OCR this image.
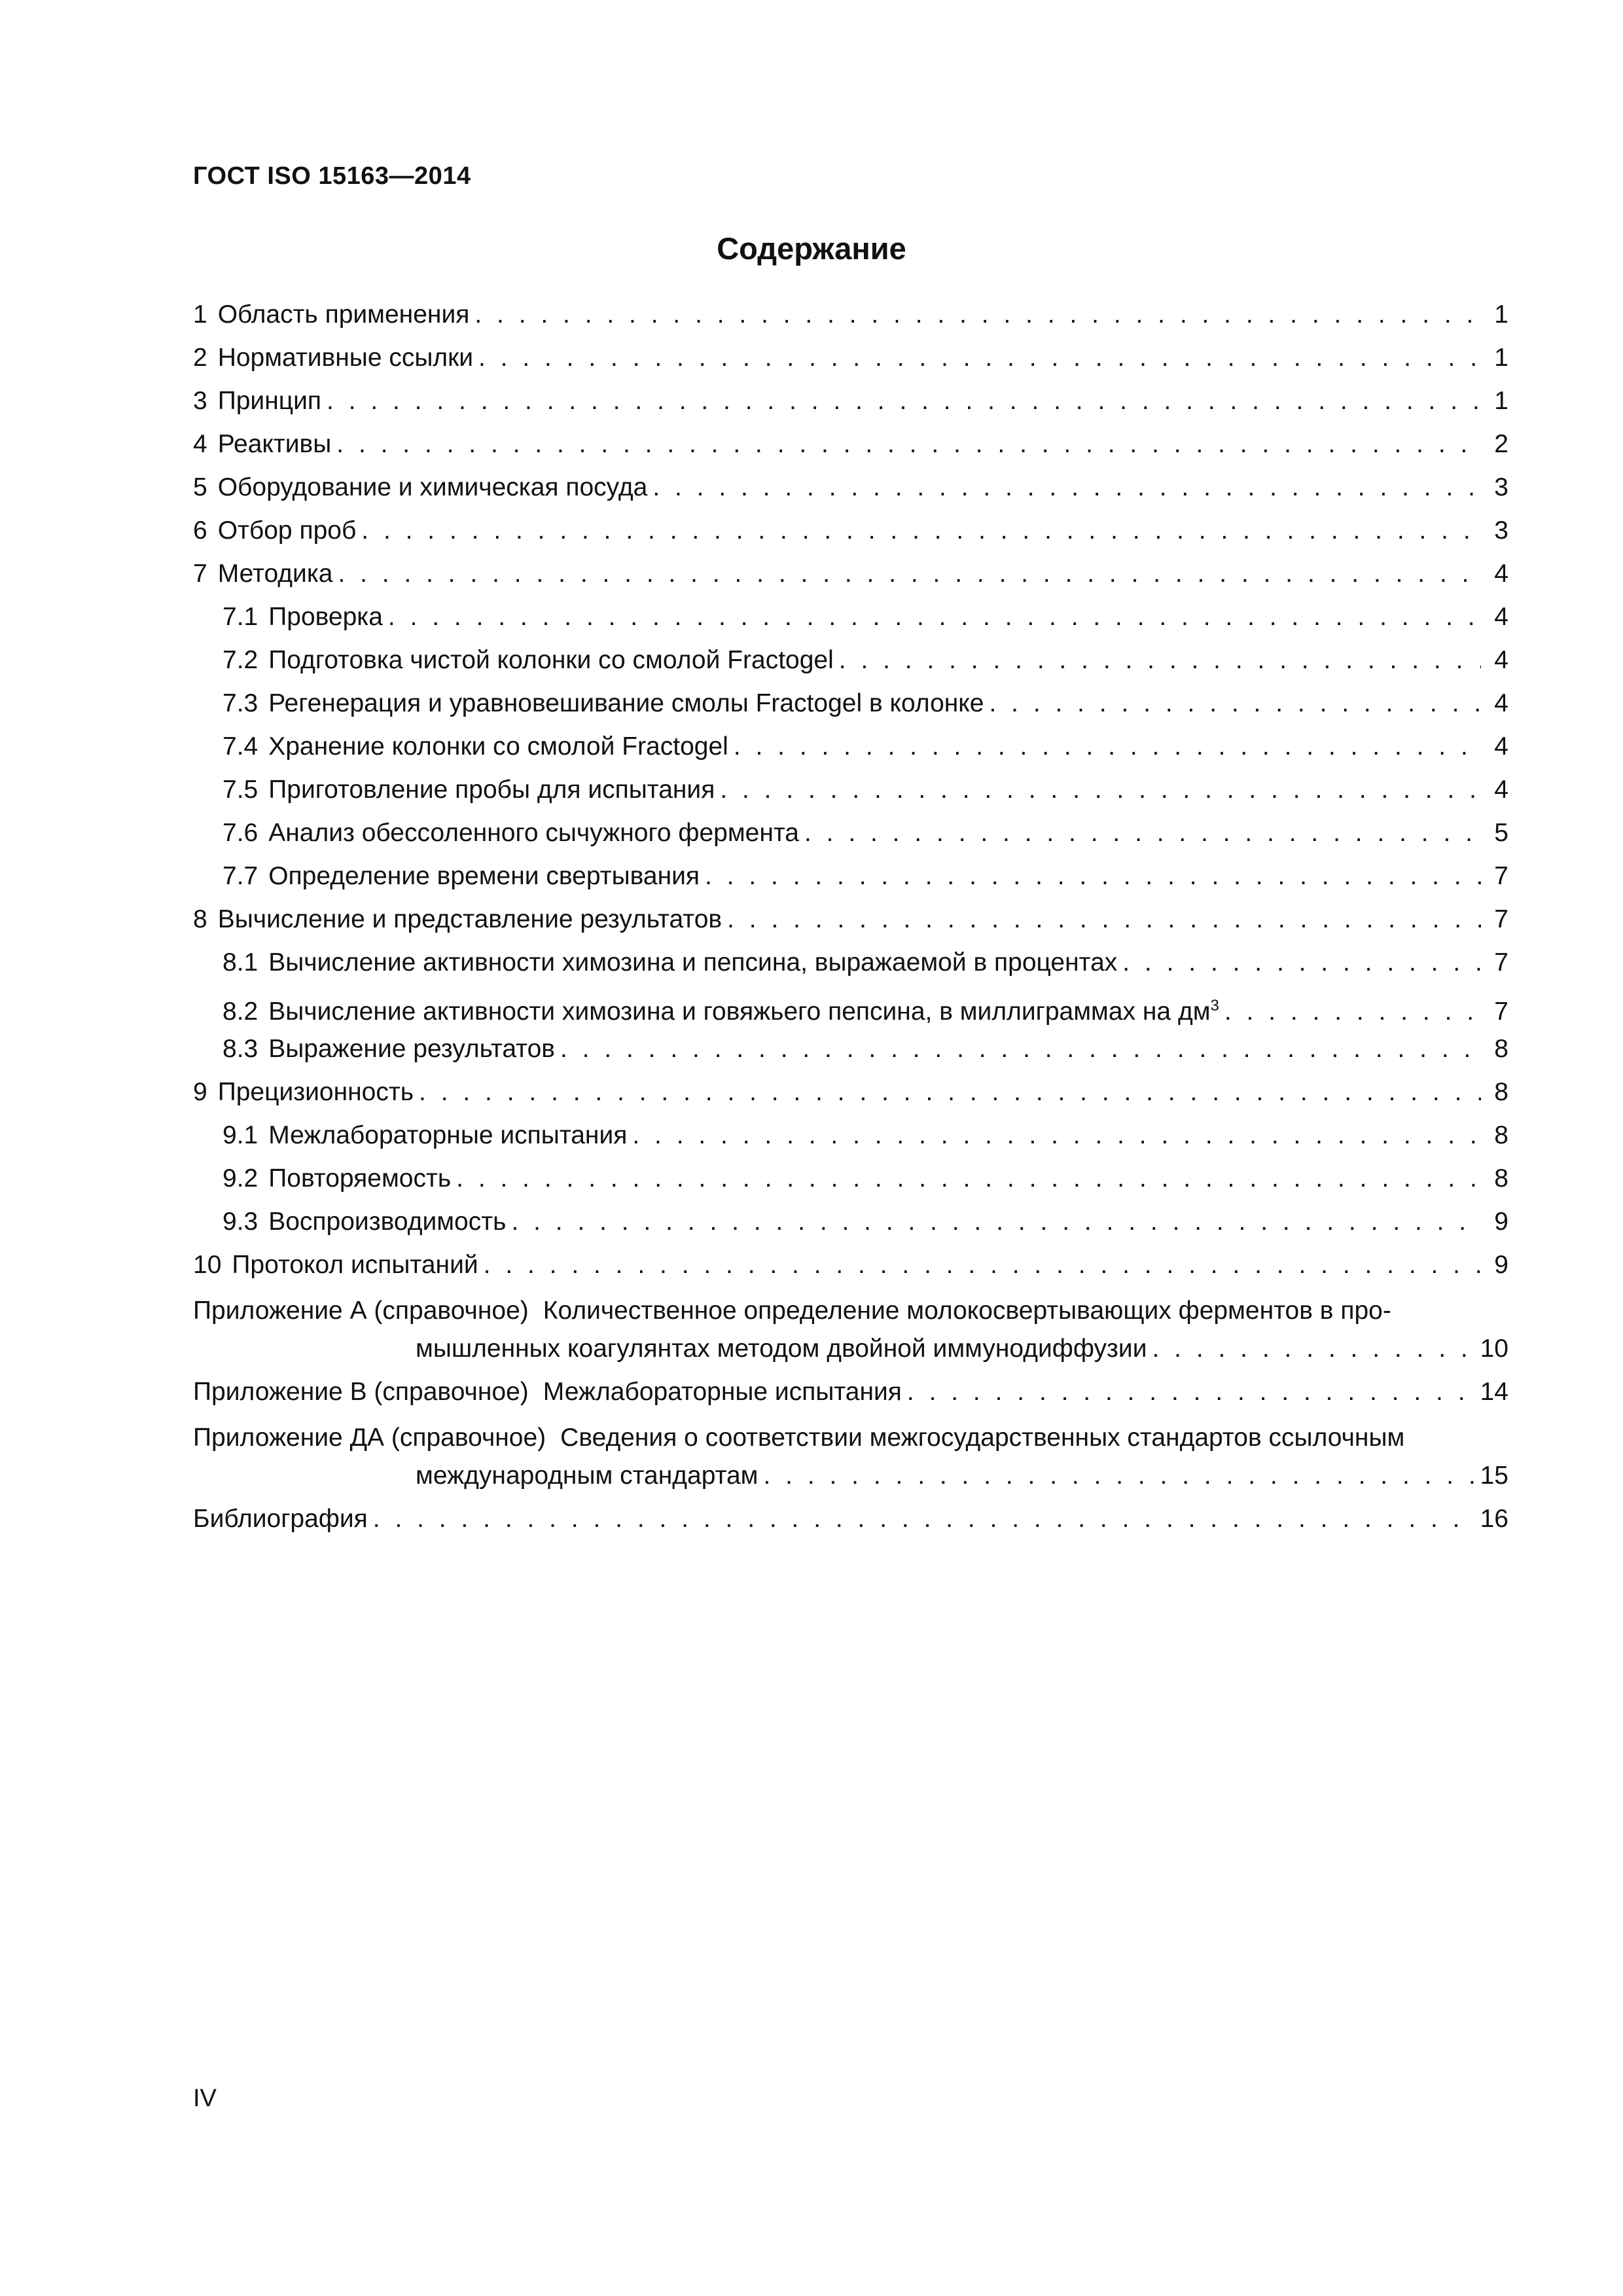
ГОСТ ISO 15163—2014
Содержание
1 Область применения . . .	1
2 Нормативные ссылки . . .	1
3 Принцип . . .	1
4 Реактивы . . .	2
5 Оборудование и химическая посуда . . .	3
6 Отбор проб . . .	3
7 Методика . . .	4
7.1 Проверка . . .	4
7.2 Подготовка чистой колонки со смолой Fractogel . . .	4
7.3 Регенерация и уравновешивание смолы Fractogel в колонке . . .	4
7.4 Хранение колонки со смолой Fractogel . . .	4
7.5 Приготовление пробы для испытания . . .	4
7.6 Анализ обессоленного сычужного фермента . . .	5
7.7 Определение времени свертывания . . .	7
8 Вычисление и представление результатов . . .	7
8.1 Вычисление активности химозина и пепсина, выражаемой в процентах . . .	7
8.2 Вычисление активности химозина и говяжьего пепсина, в миллиграммах на $дм^3$ . . .	7
8.3 Выражение результатов . . .	8
9 Прецизионность . . .	8
9.1 Межлабораторные испытания . . .	8
9.2 Повторяемость . . .	8
9.3 Воспроизводимость . . .	9
10 Протокол испытаний . . .	9
Приложение А (справочное) Количественное определение молокосвертывающих ферментов в про-
мышленных коагулянтах методом двойной иммунодиффузии . . .	10
Приложение В (справочное) Межлабораторные испытания . . .	14
Приложение ДА (справочное) Сведения о соответствии межгосударственных стандартов ссылочным
международным стандартам . . .	15
Библиография . . .	16
IV
